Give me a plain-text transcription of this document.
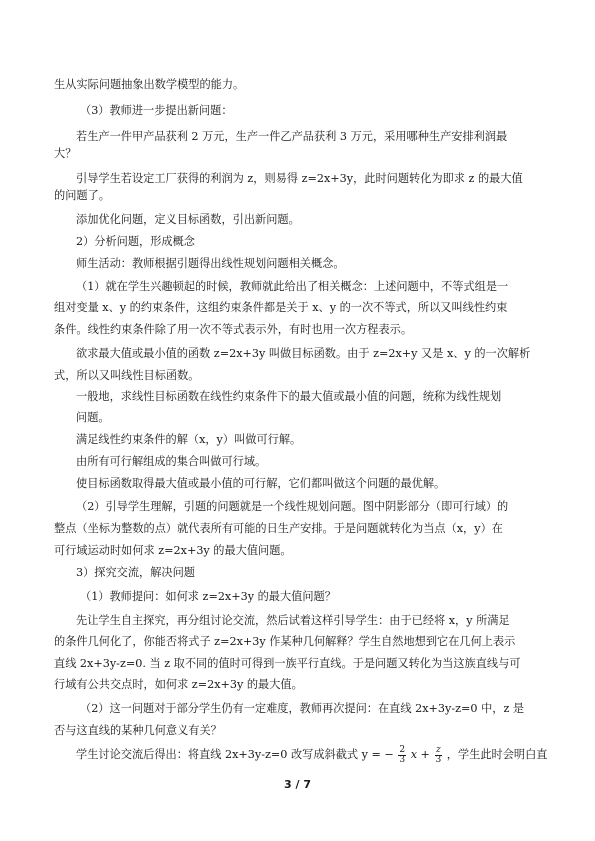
生从实际问题抽象出数学模型的能力。

（3）教师进一步提出新问题：

若生产一件甲产品获利 2 万元，生产一件乙产品获利 3 万元，采用哪种生产安排利润最

大？

引导学生若设定工厂获得的利润为 z，则易得 z=2x+3y，此时问题转化为即求 z 的最大值

的问题了。

添加优化问题，定义目标函数，引出新问题。

2）分析问题，形成概念

师生活动：教师根据引题得出线性规划问题相关概念。

（1）就在学生兴趣顿起的时候，教师就此给出了相关概念：上述问题中，不等式组是一

组对变量 x、y 的约束条件，这组约束条件都是关于 x、y 的一次不等式，所以又叫线性约束

条件。线性约束条件除了用一次不等式表示外，有时也用一次方程表示。

欲求最大值或最小值的函数 z=2x+3y 叫做目标函数。由于 z=2x+y 又是 x、y 的一次解析

式，所以又叫线性目标函数。

一般地，求线性目标函数在线性约束条件下的最大值或最小值的问题，统称为线性规划

问题。

满足线性约束条件的解（x，y）叫做可行解。

由所有可行解组成的集合叫做可行域。

使目标函数取得最大值或最小值的可行解，它们都叫做这个问题的最优解。

（2）引导学生理解，引题的问题就是一个线性规划问题。图中阴影部分（即可行域）的

整点（坐标为整数的点）就代表所有可能的日生产安排。于是问题就转化为当点（x，y）在

可行域运动时如何求 z=2x+3y 的最大值问题。

3）探究交流，解决问题

（1）教师提问：如何求 z=2x+3y 的最大值问题？

先让学生自主探究，再分组讨论交流，然后试着这样引导学生：由于已经将 x，y 所满足

的条件几何化了，你能否将式子 z=2x+3y 作某种几何解释？学生自然地想到它在几何上表示

直线 2x+3y-z=0. 当 z 取不同的值时可得到一族平行直线。于是问题又转化为当这族直线与可

行域有公共交点时，如何求 z=2x+3y 的最大值。

（2）这一问题对于部分学生仍有一定难度，教师再次提问：在直线 2x+3y-z=0 中，z 是

否与这直线的某种几何意义有关？

学生讨论交流后得出：将直线 2x+3y-z=0 改写成斜截式 y = − $\frac{2}{3}$ $x + \frac{z}{3}$ ，学生此时会明白直

3 / 7
